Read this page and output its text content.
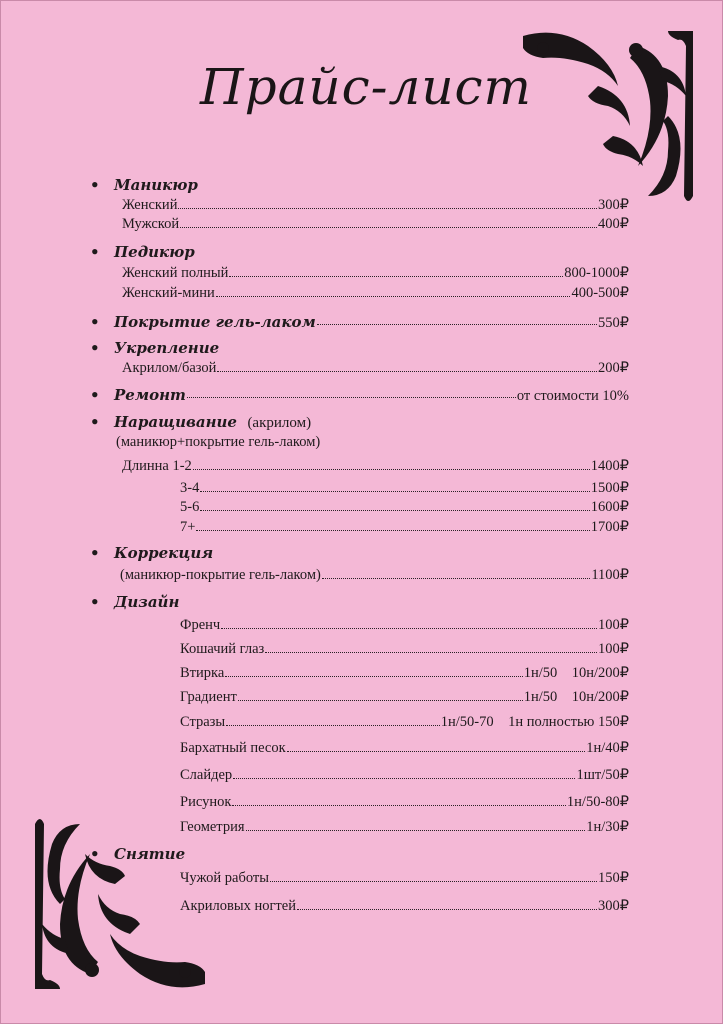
Прайс-лист
• Маникюр
Женский	300₽
Мужской	400₽
• Педикюр
Женский полный	800-1000₽
Женский-мини	400-500₽
• Покрытие гель-лаком	550₽
• Укрепление
Акрилом/базой	200₽
• Ремонт	от стоимости 10%
• Наращивание (акрилом)
(маникюр+покрытие гель-лаком)
Длинна 1-2	1400₽
3-4	1500₽
5-6	1600₽
7+	1700₽
• Коррекция
(маникюр-покрытие гель-лаком)	1100₽
• Дизайн
Френч	100₽
Кошачий глаз	100₽
Втирка	1н/50    10н/200₽
Градиент	1н/50    10н/200₽
Стразы	1н/50-70    1н полностью 150₽
Бархатный песок	1н/40₽
Слайдер	1шт/50₽
Рисунок	1н/50-80₽
Геометрия	1н/30₽
• Снятие
Чужой работы	150₽
Акриловых ногтей	300₽
